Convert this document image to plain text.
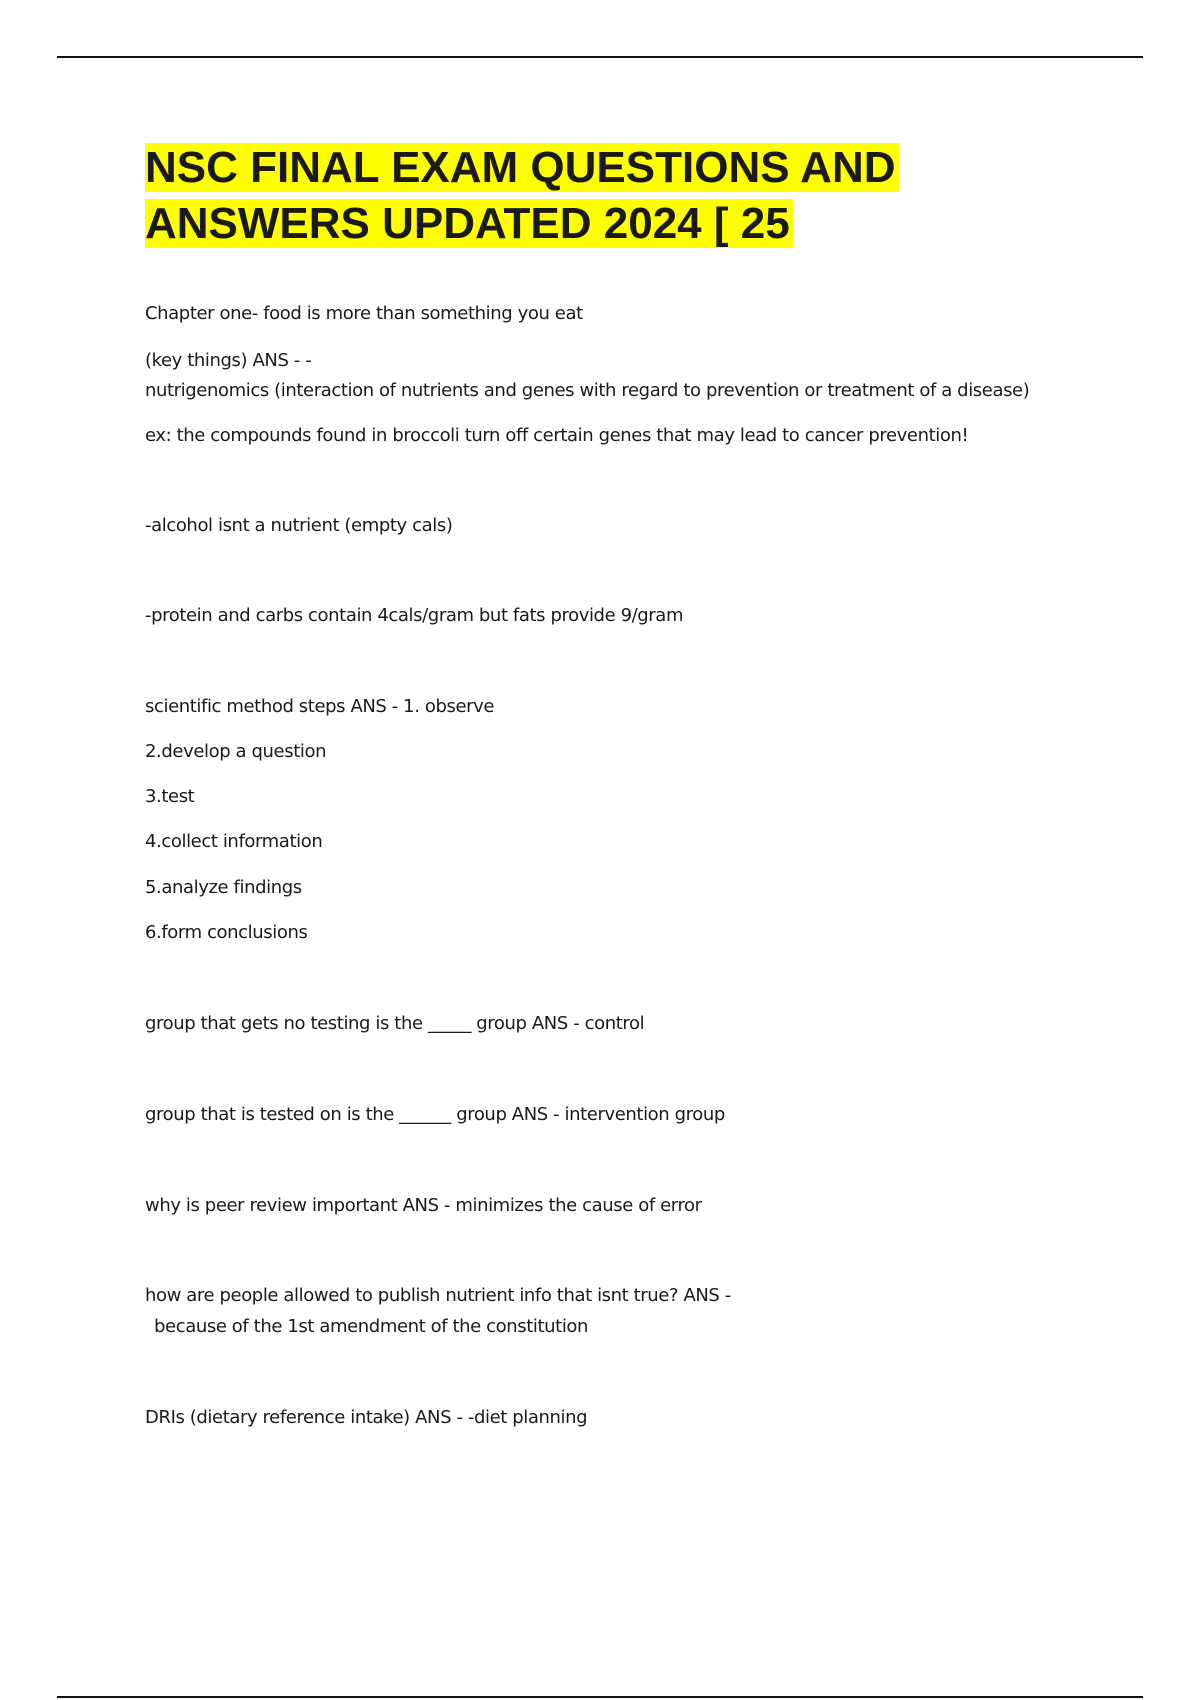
NSC FINAL EXAM QUESTIONS AND
ANSWERS UPDATED 2024 [ 25

Chapter one- food is more than something you eat

(key things) ANS - -

nutrigenomics (interaction of nutrients and genes with regard to prevention or treatment of a disease)

ex: the compounds found in broccoli turn off certain genes that may lead to cancer prevention!

-alcohol isnt a nutrient (empty cals)

-protein and carbs contain 4cals/gram but fats provide 9/gram

scientific method steps ANS - 1. observe

2.develop a question

3.test

4.collect information

5.analyze findings

6.form conclusions

group that gets no testing is the _____ group ANS - control

group that is tested on is the ______ group ANS - intervention group

why is peer review important ANS - minimizes the cause of error

how are people allowed to publish nutrient info that isnt true? ANS -

because of the 1st amendment of the constitution

DRIs (dietary reference intake) ANS - -diet planning
